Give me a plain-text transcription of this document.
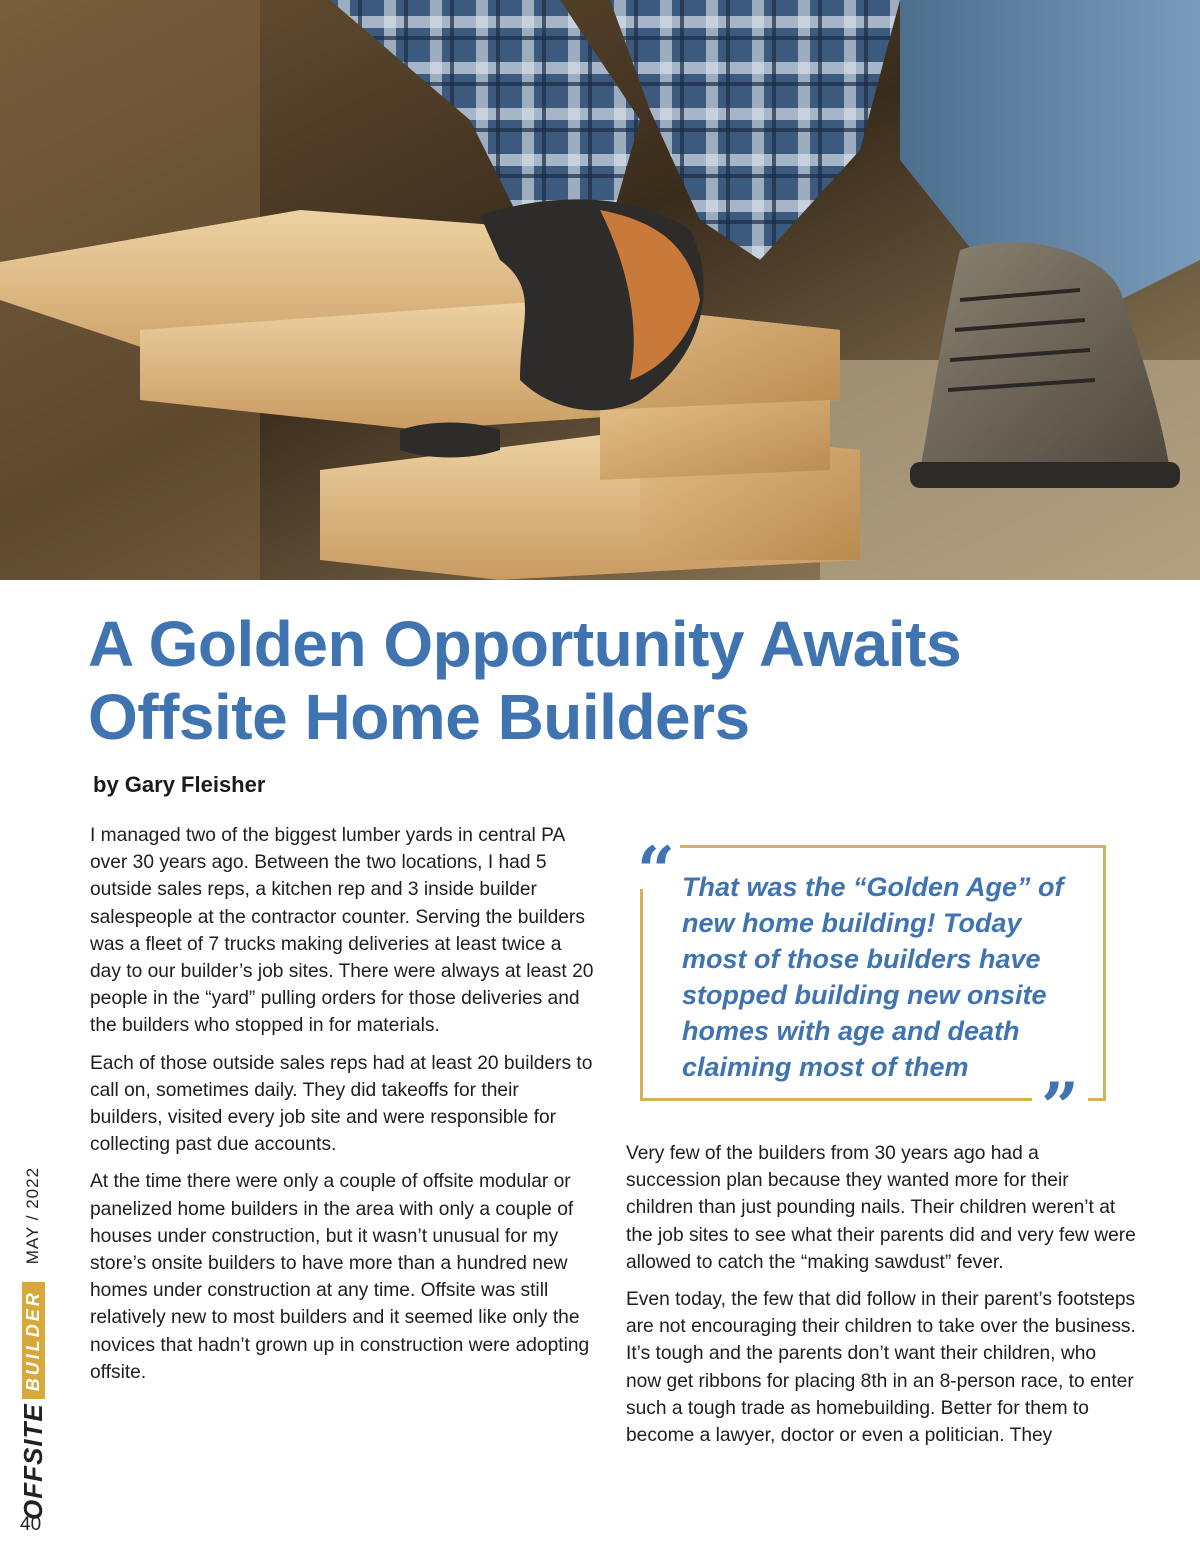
A Golden Opportunity Awaits
Offsite Home Builders
by Gary Fleisher

I managed two of the biggest lumber yards in central PA over 30 years ago. Between the two locations, I had 5 outside sales reps, a kitchen rep and 3 inside builder salespeople at the contractor counter. Serving the builders was a fleet of 7 trucks making deliveries at least twice a day to our builder’s job sites. There were always at least 20 people in the “yard” pulling orders for those deliveries and the builders who stopped in for materials.

Each of those outside sales reps had at least 20 builders to call on, sometimes daily. They did takeoffs for their builders, visited every job site and were responsible for collecting past due accounts.

At the time there were only a couple of offsite modular or panelized home builders in the area with only a couple of houses under construction, but it wasn’t unusual for my store’s onsite builders to have more than a hundred new homes under construction at any time. Offsite was still relatively new to most builders and it seemed like only the novices that hadn’t grown up in construction were adopting offsite.

“ That was the “Golden Age” of new home building! Today most of those builders have stopped building new onsite homes with age and death claiming most of them

”

Very few of the builders from 30 years ago had a succession plan because they wanted more for their children than just pounding nails. Their children weren’t at the job sites to see what their parents did and very few were allowed to catch the “making sawdust” fever.

Even today, the few that did follow in their parent’s footsteps are not encouraging their children to take over the business. It’s tough and the parents don’t want their children, who now get ribbons for placing 8th in an 8-person race, to enter such a tough trade as homebuilding. Better for them to become a lawyer, doctor or even a politician. They

OFFSITE
BUILDER
MAY / 2022
40
